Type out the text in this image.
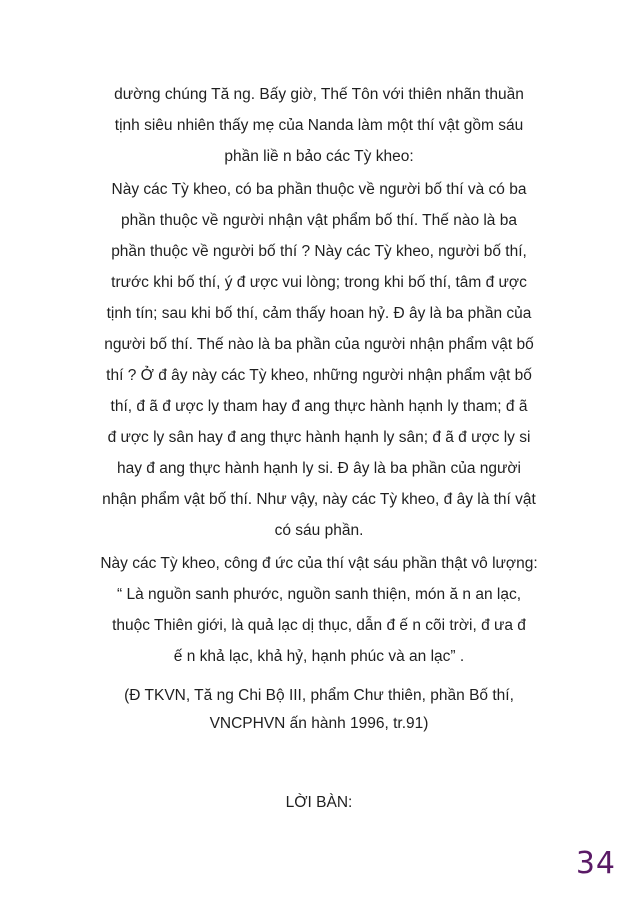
dường chúng Tă ng. Bấy giờ, Thế Tôn với thiên nhãn thuần
tịnh siêu nhiên thấy mẹ của Nanda làm một thí vật gồm sáu
phần liề n bảo các Tỳ kheo:

Này các Tỳ kheo, có ba phần thuộc về người bố thí và có ba
phần thuộc về người nhận vật phẩm bố thí. Thế nào là ba
phần thuộc về người bố thí ? Này các Tỳ kheo, người bố thí,
trước khi bố thí, ý đ ược vui lòng; trong khi bố thí, tâm đ ược
tịnh tín; sau khi bố thí, cảm thấy hoan hỷ. Đ ây là ba phần của
người bố thí. Thế nào là ba phần của người nhận phẩm vật bố
thí ? Ở đ ây này các Tỳ kheo, những người nhận phẩm vật bố
thí, đ ã đ ược ly tham hay đ ang thực hành hạnh ly tham; đ ã
đ ược ly sân hay đ ang thực hành hạnh ly sân; đ ã đ ược ly si
hay đ ang thực hành hạnh ly si. Đ ây là ba phần của người
nhận phẩm vật bố thí. Như vậy, này các Tỳ kheo, đ ây là thí vật
có sáu phần.

Này các Tỳ kheo, công đ ức của thí vật sáu phần thật vô lượng:
“ Là nguồn sanh phước, nguồn sanh thiện, món ă n an lạc,
thuộc Thiên giới, là quả lạc dị thục, dẫn đ ế n cõi trời, đ ưa đ
ế n khả lạc, khả hỷ, hạnh phúc và an lạc” .

(Đ TKVN, Tă ng Chi Bộ III, phẩm Chư thiên, phần Bố thí,
VNCPHVN ấn hành 1996, tr.91)

LỜI BÀN:
34
